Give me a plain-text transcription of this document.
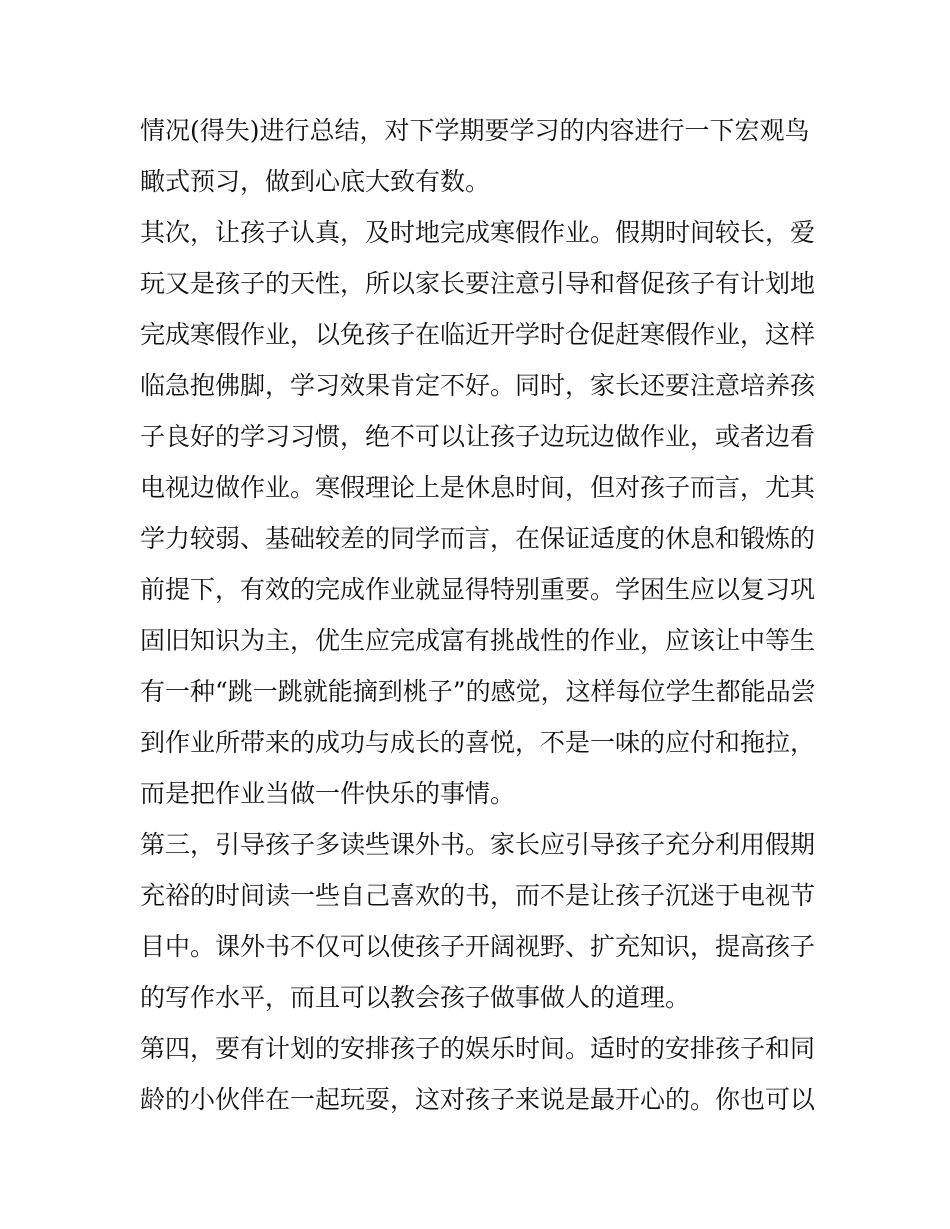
情况(得失)进行总结，对下学期要学习的内容进行一下宏观鸟
瞰式预习，做到心底大致有数。

其次，让孩子认真，及时地完成寒假作业。假期时间较长，爱
玩又是孩子的天性，所以家长要注意引导和督促孩子有计划地
完成寒假作业，以免孩子在临近开学时仓促赶寒假作业，这样
临急抱佛脚，学习效果肯定不好。同时，家长还要注意培养孩
子良好的学习习惯，绝不可以让孩子边玩边做作业，或者边看
电视边做作业。寒假理论上是休息时间，但对孩子而言，尤其
学力较弱、基础较差的同学而言，在保证适度的休息和锻炼的
前提下，有效的完成作业就显得特别重要。学困生应以复习巩
固旧知识为主，优生应完成富有挑战性的作业，应该让中等生
有一种“跳一跳就能摘到桃子”的感觉，这样每位学生都能品尝
到作业所带来的成功与成长的喜悦，不是一味的应付和拖拉，
而是把作业当做一件快乐的事情。

第三，引导孩子多读些课外书。家长应引导孩子充分利用假期
充裕的时间读一些自己喜欢的书，而不是让孩子沉迷于电视节
目中。课外书不仅可以使孩子开阔视野、扩充知识，提高孩子
的写作水平，而且可以教会孩子做事做人的道理。

第四，要有计划的安排孩子的娱乐时间。适时的安排孩子和同
龄的小伙伴在一起玩耍，这对孩子来说是最开心的。你也可以
